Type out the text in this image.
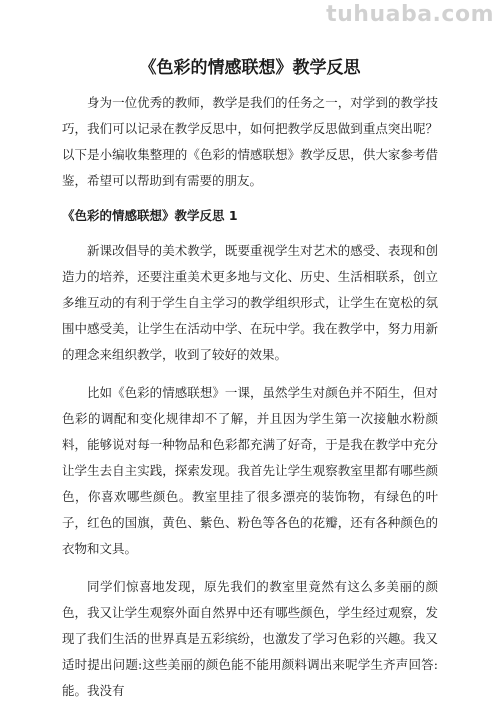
tuhuaba.com
《色彩的情感联想》教学反思

身为一位优秀的教师，教学是我们的任务之一，对学到的教学技巧，我们可以记录在教学反思中，如何把教学反思做到重点突出呢？以下是小编收集整理的《色彩的情感联想》教学反思，供大家参考借鉴，希望可以帮助到有需要的朋友。

《色彩的情感联想》教学反思 1

新课改倡导的美术教学，既要重视学生对艺术的感受、表现和创造力的培养，还要注重美术更多地与文化、历史、生活相联系，创立多维互动的有利于学生自主学习的教学组织形式，让学生在宽松的氛围中感受美，让学生在活动中学、在玩中学。我在教学中，努力用新的理念来组织教学，收到了较好的效果。

比如《色彩的情感联想》一课，虽然学生对颜色并不陌生，但对色彩的调配和变化规律却不了解，并且因为学生第一次接触水粉颜料，能够说对每一种物品和色彩都充满了好奇，于是我在教学中充分让学生去自主实践，探索发现。我首先让学生观察教室里都有哪些颜色，你喜欢哪些颜色。教室里挂了很多漂亮的装饰物，有绿色的叶子，红色的国旗，黄色、紫色、粉色等各色的花瓣，还有各种颜色的衣物和文具。

同学们惊喜地发现，原先我们的教室里竟然有这么多美丽的颜色，我又让学生观察外面自然界中还有哪些颜色，学生经过观察，发现了我们生活的世界真是五彩缤纷，也激发了学习色彩的兴趣。我又适时提出问题:这些美丽的颜色能不能用颜料调出来呢学生齐声回答:能。我没有
